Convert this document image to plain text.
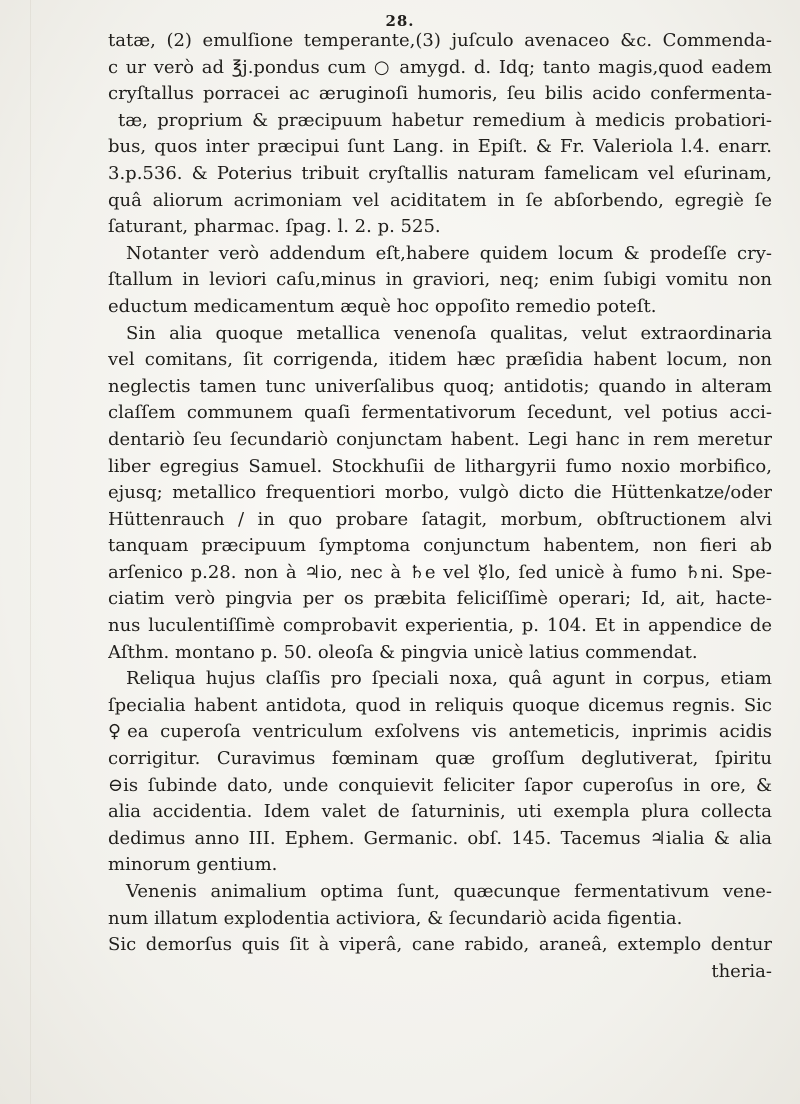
28.
tatæ, (2) emulſione temperante,(3) juſculo avenaceo &c. Commenda-
c ur verò ad ℥j.pondus cum ○ amygd. d. Idq; tanto magis,quod eadem
cryſtallus porracei ac æruginoſi humoris, ſeu bilis acido confermenta-
tæ, proprium & præcipuum habetur remedium à medicis probatiori-
bus, quos inter præcipui ſunt Lang. in Epiſt. & Fr. Valeriola l.4. enarr.
3.p.536. & Poterius tribuit cryſtallis naturam famelicam vel eſurinam,
quâ aliorum acrimoniam vel aciditatem in ſe abſorbendo, egregiè ſe
ſaturant, pharmac. ſpag. l. 2. p. 525.
Notanter verò addendum eſt,habere quidem locum & prodeſſe cry-
ſtallum in leviori caſu,minus in graviori, neq; enim ſubigi vomitu non
eductum medicamentum æquè hoc oppoſito remedio poteſt.
Sin alia quoque metallica venenoſa qualitas, velut extraordinaria
vel comitans, ſit corrigenda, itidem hæc præſidia habent locum, non
neglectis tamen tunc univerſalibus quoq; antidotis; quando in alteram
claſſem communem quaſi fermentativorum ſecedunt, vel potius acci-
dentariò ſeu ſecundariò conjunctam habent. Legi hanc in rem meretur
liber egregius Samuel. Stockhuſii de lithargyrii fumo noxio morbifico,
ejusq; metallico frequentiori morbo, vulgò dicto die Hüttenkatze/oder
Hüttenrauch / in quo probare ſatagit, morbum, obſtructionem alvi
tanquam præcipuum ſymptoma conjunctum habentem, non fieri ab
arſenico p.28. non à ♃io, nec à ♄e vel ☿lo, ſed unicè à fumo ♄ni. Spe-
ciatim verò pingvia per os præbita feliciſſimè operari; Id, ait, hacte-
nus luculentiſſimè comprobavit experientia, p. 104. Et in appendice de
Aſthm. montano p. 50. oleoſa & pingvia unicè latius commendat.
Reliqua hujus claſſis pro ſpeciali noxa, quâ agunt in corpus, etiam
ſpecialia habent antidota, quod in reliquis quoque dicemus regnis. Sic
♀ea cuperoſa ventriculum exſolvens vis antemeticis, inprimis acidis
corrigitur. Curavimus fœminam quæ groſſum deglutiverat, ſpiritu
⊖is ſubinde dato, unde conquievit feliciter ſapor cuperoſus in ore, &
alia accidentia. Idem valet de ſaturninis, uti exempla plura collecta
dedimus anno III. Ephem. Germanic. obſ. 145. Tacemus ♃ialia & alia
minorum gentium.
Venenis animalium optima ſunt, quæcunque fermentativum vene-
num illatum explodentia activiora, & ſecundariò acida figentia.
Sic demorſus quis ſit à viperâ, cane rabido, araneâ, extemplo dentur
theria-
